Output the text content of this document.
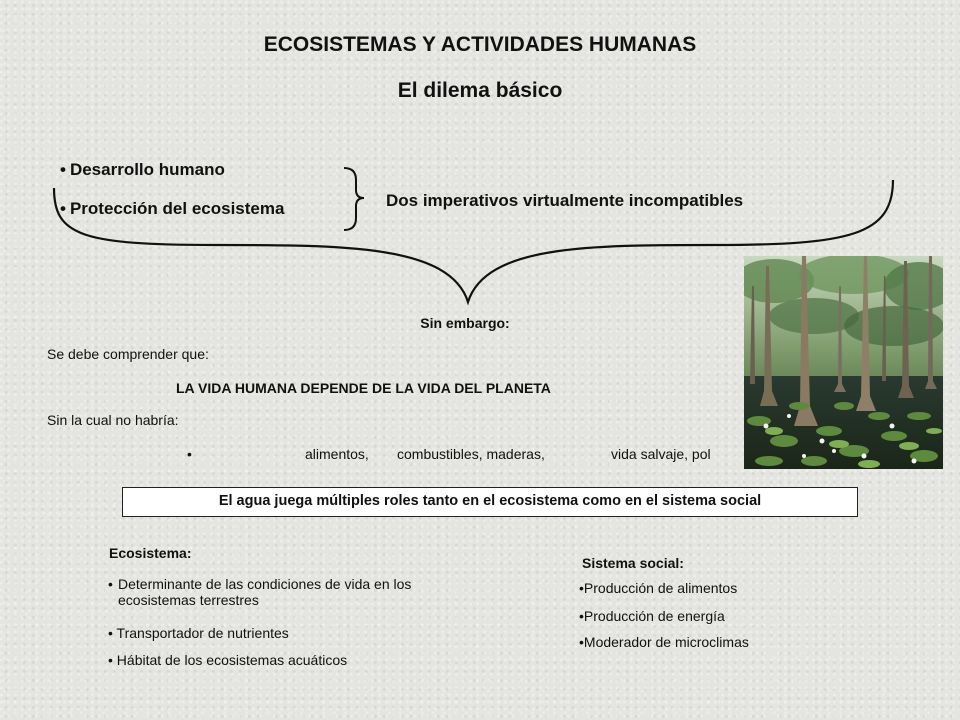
ECOSISTEMAS Y ACTIVIDADES HUMANAS
El dilema básico
• Desarrollo humano
• Protección del ecosistema	Dos imperativos virtualmente incompatibles
Sin embargo:
Se debe comprender que:
LA VIDA HUMANA DEPENDE DE LA VIDA DEL PLANETA
Sin la cual no habría:
•	alimentos, combustibles, maderas,	vida salvaje, pol
El agua juega múltiples roles tanto en el ecosistema como en el sistema social
Ecosistema:
• Determinante de las condiciones de vida en los ecosistemas terrestres
• Transportador de nutrientes
• Hábitat de los ecosistemas acuáticos
Sistema social:
•Producción de alimentos
•Producción de energía
•Moderador de microclimas
